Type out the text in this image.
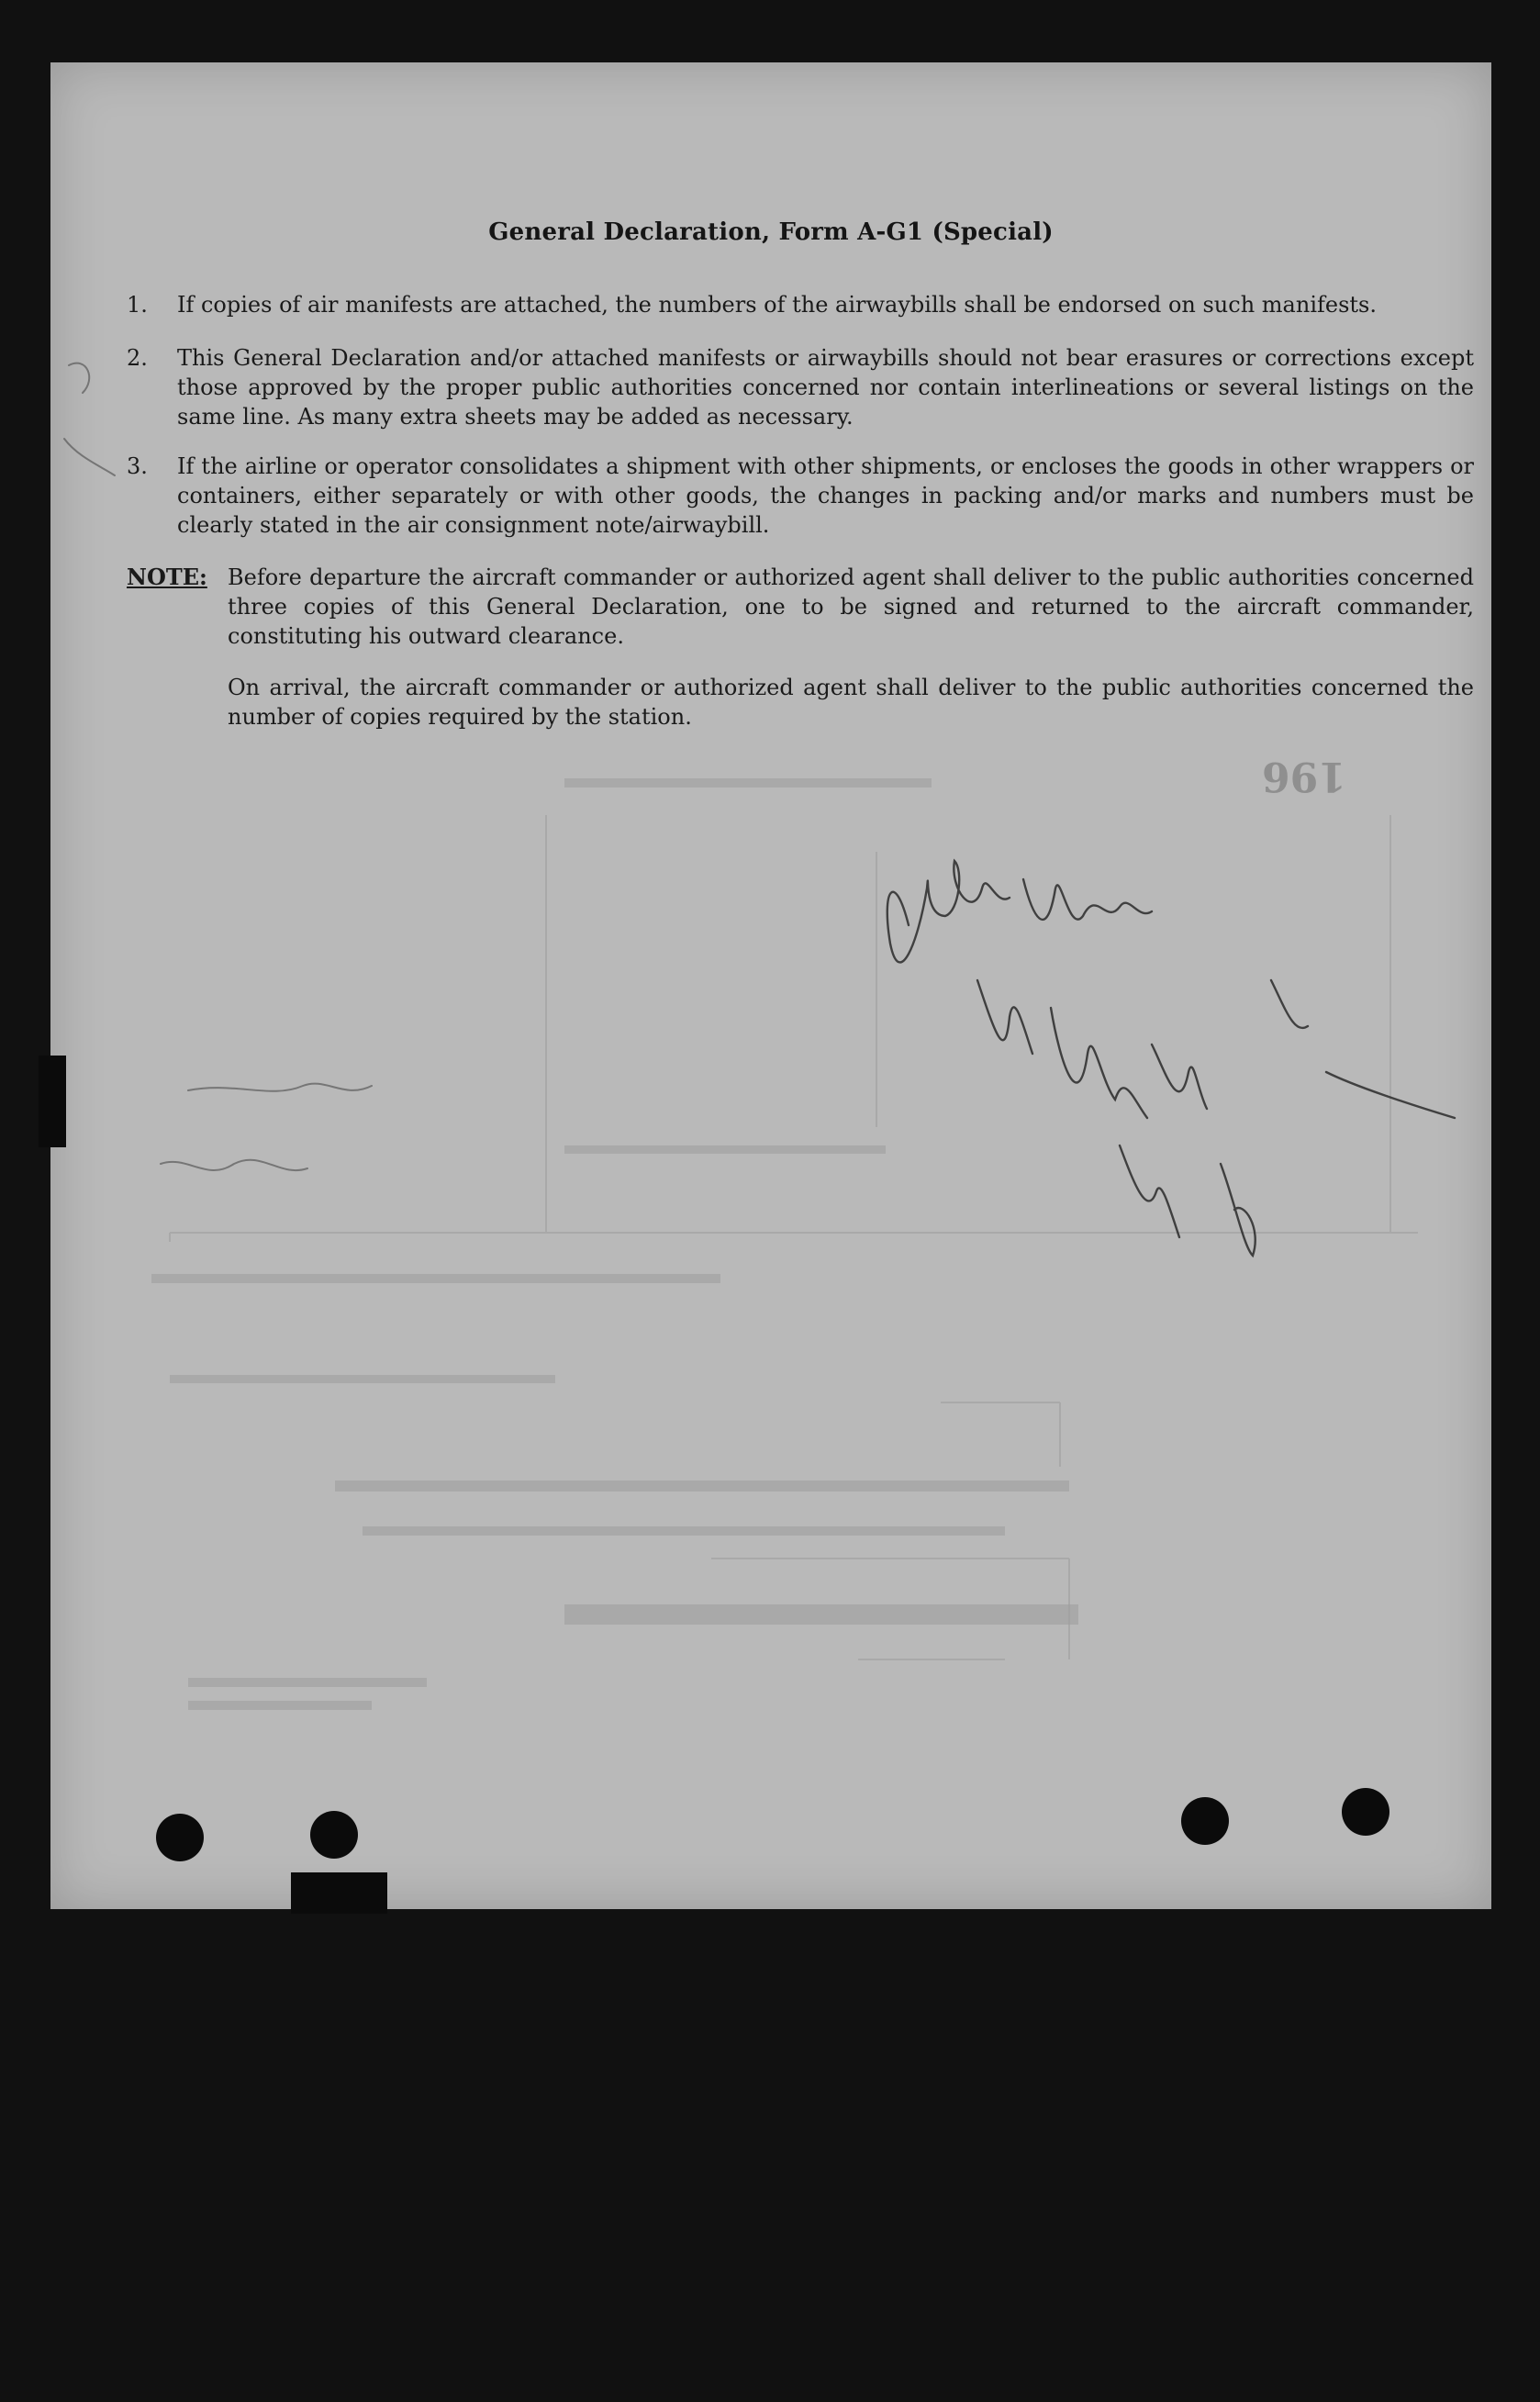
General Declaration, Form A-G1 (Special)
1.	If copies of air manifests are attached, the numbers of the airwaybills shall be endorsed on such manifests.
2.	This General Declaration and/or attached manifests or airwaybills should not bear erasures or corrections except those approved by the proper public authorities concerned nor contain interlineations or several listings on the same line. As many extra sheets may be added as necessary.
3.	If the airline or operator consolidates a shipment with other shipments, or encloses the goods in other wrappers or containers, either separately or with other goods, the changes in packing and/or marks and numbers must be clearly stated in the air consignment note/airwaybill.
NOTE: Before departure the aircraft commander or authorized agent shall deliver to the public authorities concerned three copies of this General Declaration, one to be signed and returned to the aircraft commander, constituting his outward clearance.
On arrival, the aircraft commander or authorized agent shall deliver to the public authorities concerned the number of copies required by the station.
196
